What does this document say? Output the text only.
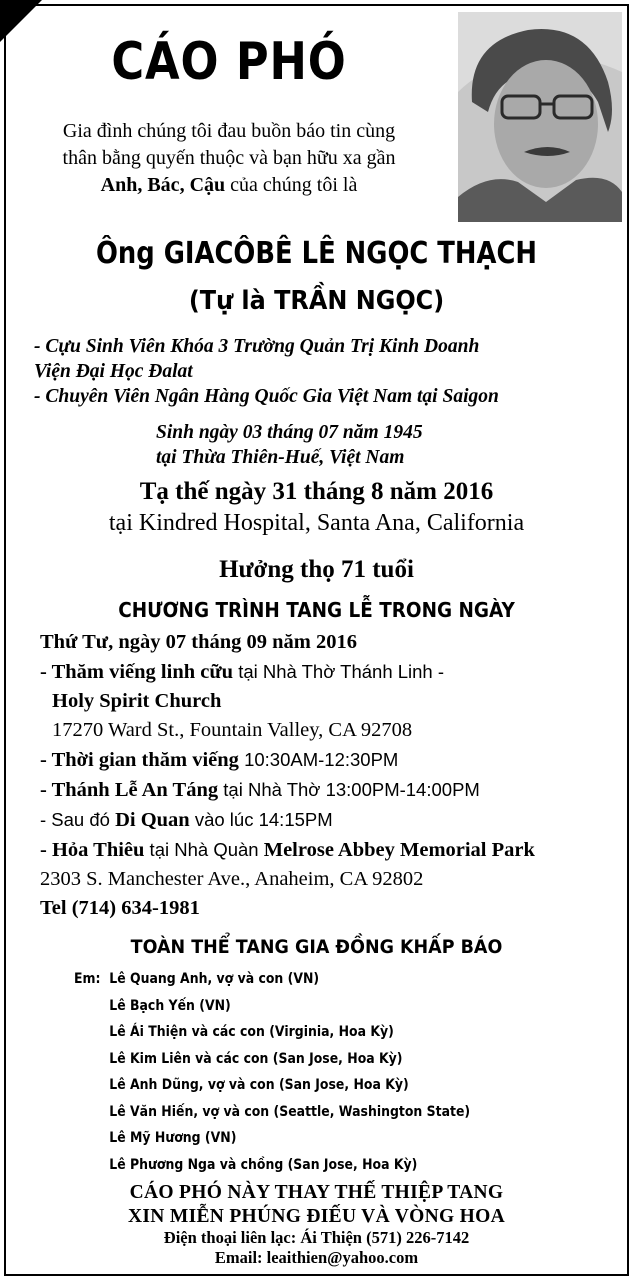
CÁO PHÓ
Gia đình chúng tôi đau buồn báo tin cùng
thân bằng quyến thuộc và bạn hữu xa gần
Anh, Bác, Cậu của chúng tôi là
Ông GIACÔBÊ LÊ NGỌC THẠCH
(Tự là TRẦN NGỌC)
- Cựu Sinh Viên Khóa 3 Trường Quản Trị Kinh Doanh
Viện Đại Học Đalat
- Chuyên Viên Ngân Hàng Quốc Gia Việt Nam tại Saigon
Sinh ngày 03 tháng 07 năm 1945
tại Thừa Thiên-Huế, Việt Nam
Tạ thế ngày 31 tháng 8 năm 2016
tại Kindred Hospital, Santa Ana, California
Hưởng thọ 71 tuổi
CHƯƠNG TRÌNH TANG LỄ TRONG NGÀY
Thứ Tư, ngày 07 tháng 09 năm 2016
- Thăm viếng linh cữu tại Nhà Thờ Thánh Linh -
Holy Spirit Church
17270 Ward St., Fountain Valley, CA 92708
- Thời gian thăm viếng 10:30AM-12:30PM
- Thánh Lễ An Táng tại Nhà Thờ 13:00PM-14:00PM
- Sau đó Di Quan vào lúc 14:15PM
- Hỏa Thiêu tại Nhà Quàn Melrose Abbey Memorial Park
2303 S. Manchester Ave., Anaheim, CA 92802
Tel (714) 634-1981
TOÀN THỂ TANG GIA ĐỒNG KHẤP BÁO
Em: Lê Quang Anh, vợ và con (VN)
Lê Bạch Yến (VN)
Lê Ái Thiện và các con (Virginia, Hoa Kỳ)
Lê Kim Liên và các con (San Jose, Hoa Kỳ)
Lê Anh Dũng, vợ và con (San Jose, Hoa Kỳ)
Lê Văn Hiến, vợ và con (Seattle, Washington State)
Lê Mỹ Hương (VN)
Lê Phương Nga và chồng (San Jose, Hoa Kỳ)
CÁO PHÓ NÀY THAY THẾ THIỆP TANG
XIN MIỄN PHÚNG ĐIẾU VÀ VÒNG HOA
Điện thoại liên lạc: Ái Thiện (571) 226-7142
Email: leaithien@yahoo.com
